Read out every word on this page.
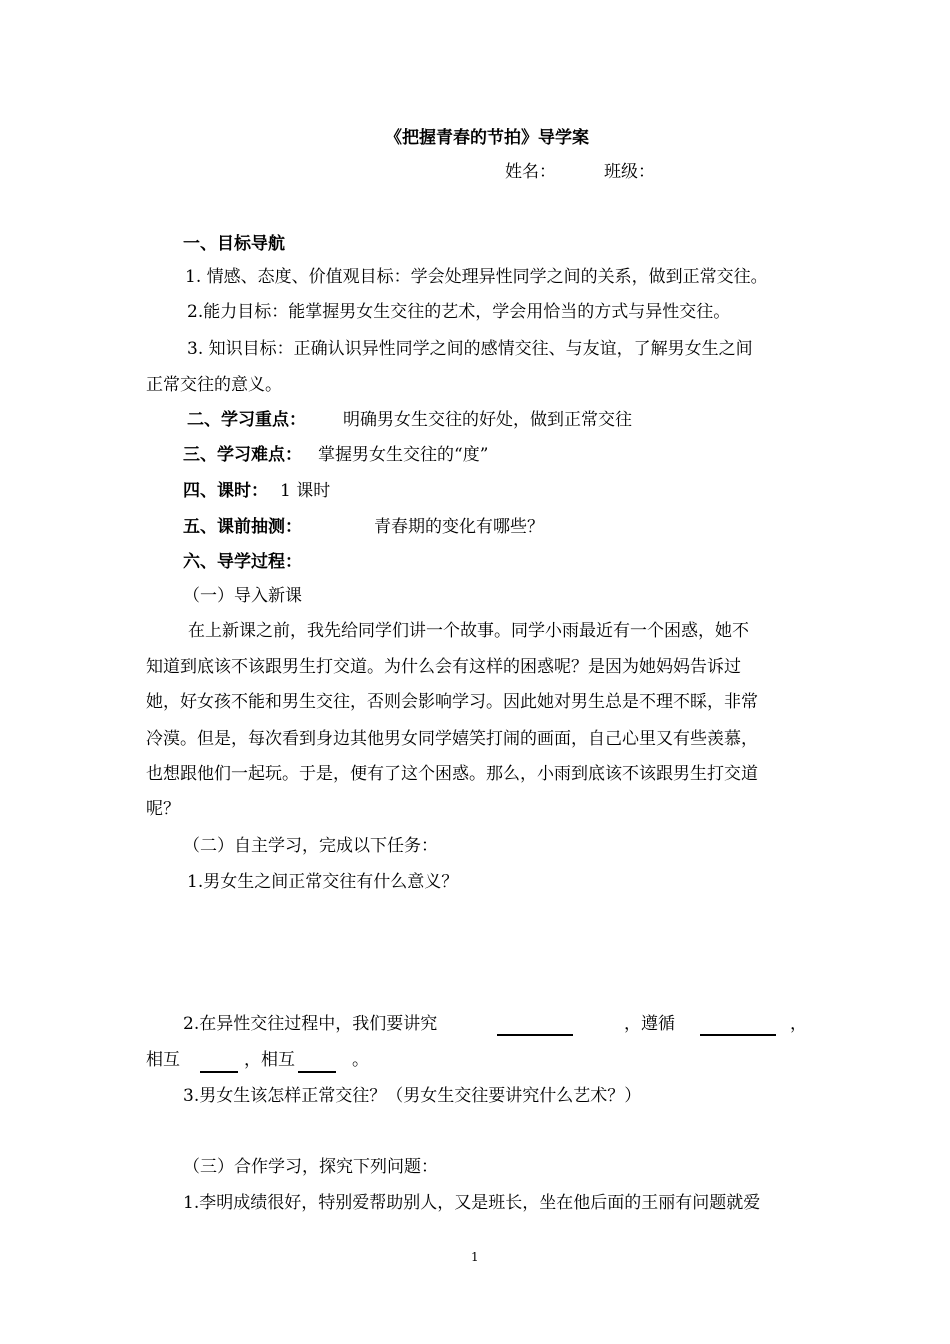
《把握青春的节拍》导学案
姓名：	班级：
一、目标导航
1. 情感、态度、价值观目标：学会处理异性同学之间的关系，做到正常交往。
2.能力目标：能掌握男女生交往的艺术，学会用恰当的方式与异性交往。
3. 知识目标：正确认识异性同学之间的感情交往、与友谊，了解男女生之间
正常交往的意义。
二、学习重点： 明确男女生交往的好处，做到正常交往
三、学习难点： 掌握男女生交往的“度”
四、课时： 1 课时
五、课前抽测：	青春期的变化有哪些？
六、导学过程：
（一）导入新课
在上新课之前，我先给同学们讲一个故事。同学小雨最近有一个困惑，她不
知道到底该不该跟男生打交道。为什么会有这样的困惑呢？是因为她妈妈告诉过
她，好女孩不能和男生交往，否则会影响学习。因此她对男生总是不理不睬，非常
冷漠。但是，每次看到身边其他男女同学嬉笑打闹的画面，自己心里又有些羡慕，
也想跟他们一起玩。于是，便有了这个困惑。那么，小雨到底该不该跟男生打交道
呢？
（二）自主学习，完成以下任务：
1.男女生之间正常交往有什么意义？
2.在异性交往过程中，我们要讲究	，遵循	，
相互	，相互	。
3.男女生该怎样正常交往？（男女生交往要讲究什么艺术？）
（三）合作学习，探究下列问题：
1.李明成绩很好，特别爱帮助别人，又是班长，坐在他后面的王丽有问题就爱
1
